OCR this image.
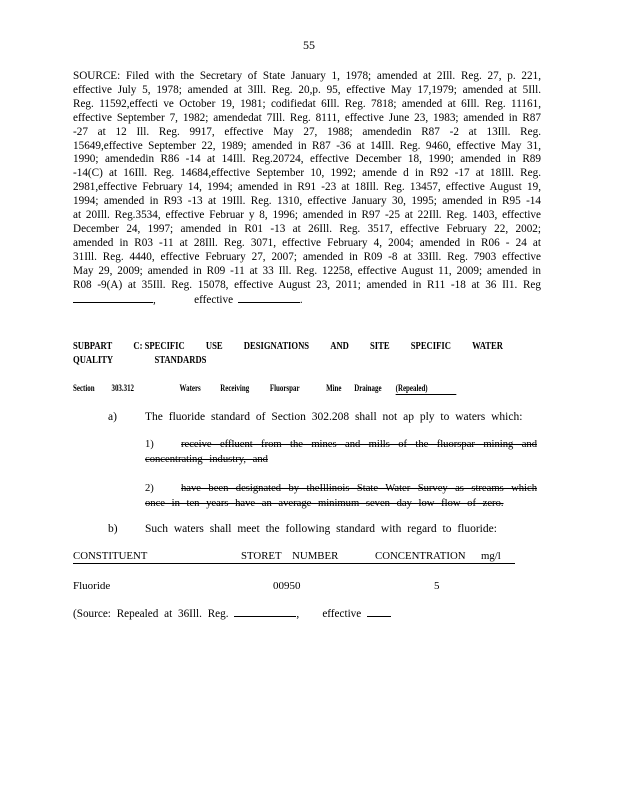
55
SOURCE: Filed with the Secretary of State January 1, 1978; amended at 2Ill. Reg. 27, p. 221, effective July 5, 1978; amended at 3Ill. Reg. 20,p. 95, effective May 17,1979; amended at 5Ill. Reg. 11592,effecti ve October 19, 1981; codifiedat 6Ill. Reg. 7818; amended at 6Ill. Reg. 11161, effective September 7, 1982; amendedat 7Ill. Reg. 8111, effective June 23, 1983; amended in R87 -27 at 12 Ill. Reg. 9917, effective May 27, 1988; amendedin R87 -2 at 13Ill. Reg. 15649,effective September 22, 1989; amended in R87 -36 at 14Ill. Reg. 9460, effective May 31, 1990; amendedin R86 -14 at 14Ill. Reg.20724, effective December 18, 1990; amended in R89 -14(C) at 16Ill. Reg. 14684,effective September 10, 1992; amende d in R92 -17 at 18Ill. Reg. 2981,effective February 14, 1994; amended in R91 -23 at 18Ill. Reg. 13457, effective August 19, 1994; amended in R93 -13 at 19Ill. Reg. 1310, effective January 30, 1995; amended in R95 -14 at 20Ill. Reg.3534, effective Februar y 8, 1996; amended in R97 -25 at 22Ill. Reg. 1403, effective December 24, 1997; amended in R01 -13 at 26Ill. Reg. 3517, effective February 22, 2002; amended in R03 -11 at 28Ill. Reg. 3071, effective February 4, 2004; amended in R06 - 24 at 31Ill. Reg. 4440, effective February 27, 2007; amended in R09 -8 at 33Ill. Reg. 7903 effective May 29, 2009; amended in R09 -11 at 33 Ill. Reg. 12258, effective August 11, 2009; amended in R08 -9(A) at 35Ill. Reg. 15078, effective August 23, 2011; amended in R11 -18 at 36 Il1. Reg ,	effective	.
SUBPART C: SPECIFIC USE DESIGNATIONS AND SITE SPECIFIC WATER
QUALITY STANDARDS
Section	303.312	Waters	Receiving	Fluorspar	Mine	Drainage	(Repealed)
a) The fluoride standard of Section 302.208 shall not ap ply to waters which:
1)	receive effluent from the mines and mills of the fluorspar mining and concentrating industry, and
2)	have been designated by theIllinois State Water Survey as streams which once in ten years have an average minimum seven day low flow of zero.
b) Such waters shall meet the following standard with regard to fluoride:
CONSTITUENT	STORET NUMBER	CONCENTRATION mg/l
Fluoride	00950	5
(Source: Repealed at 36Ill. Reg.	, effective
